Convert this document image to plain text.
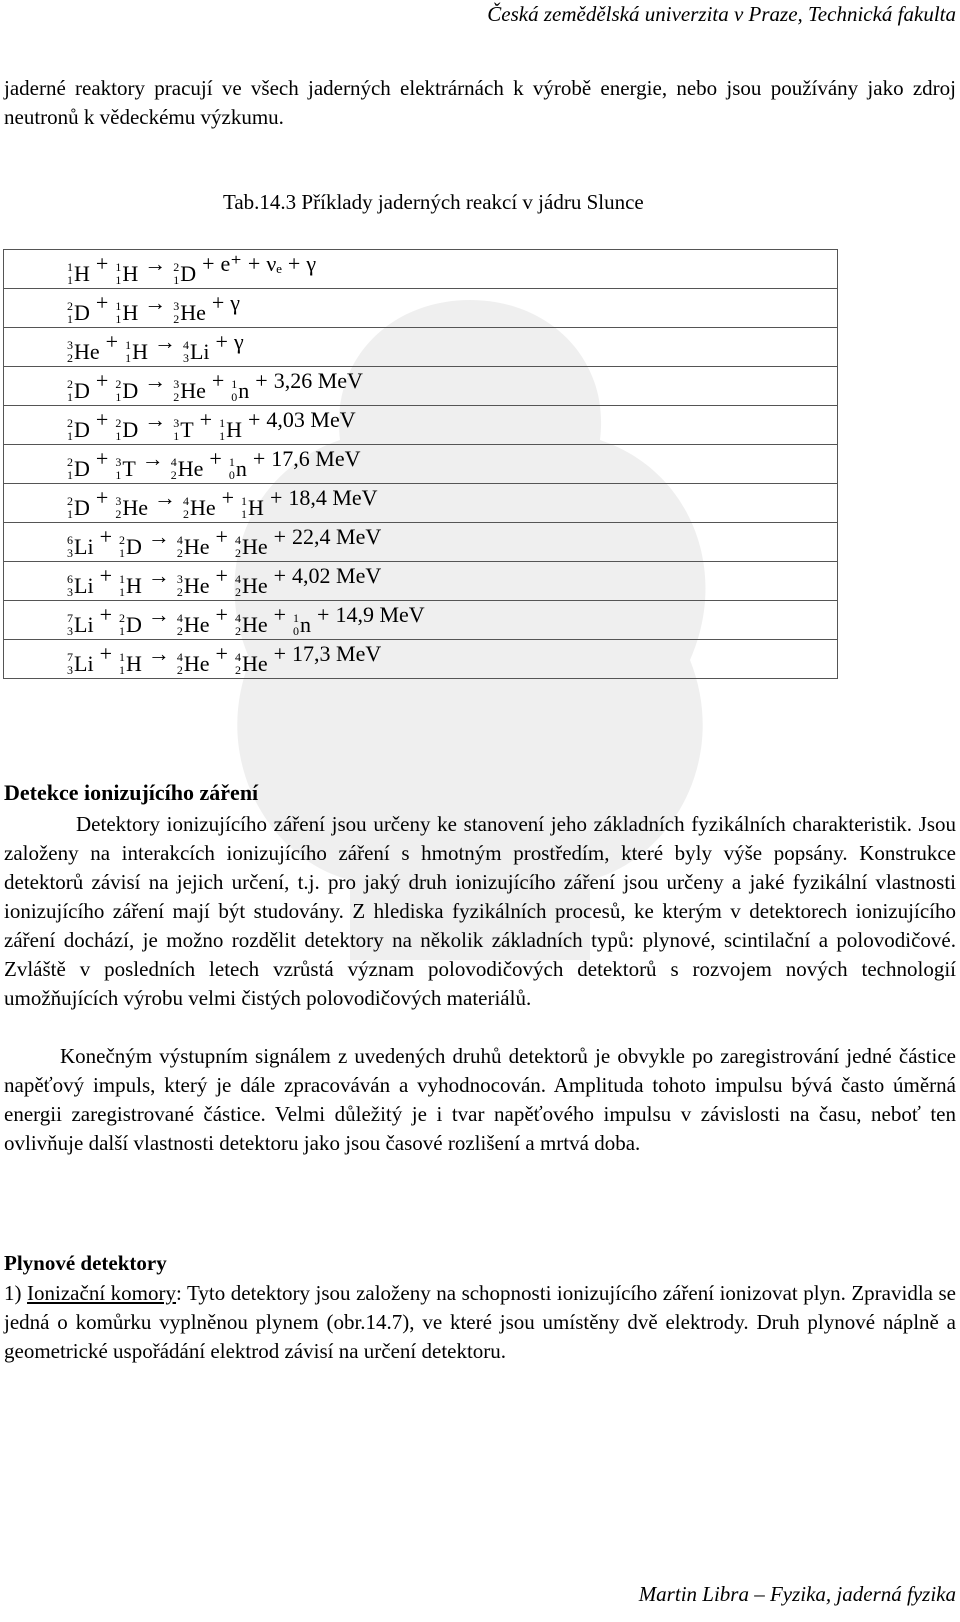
Česká zemědělská univerzita v Praze, Technická fakulta
jaderné reaktory pracují ve všech jaderných elektrárnách k výrobě energie, nebo jsou používány jako zdroj neutronů k vědeckému výzkumu.
Tab.14.3 Příklady jaderných reakcí v jádru Slunce
1
1 H + 1
1 H → 2
1 D + e⁺ + νₑ + γ

2
1 D + 1
1 H → 3
2 He + γ

3
2 He + 1
1 H → 4
3 Li + γ

2
1 D + 2
1 D → 3
2 He + 1
0 n + 3,26 MeV

2
1 D + 2
1 D → 3
1 T + 1
1 H + 4,03 MeV

2
1 D + 3
1 T → 4
2 He + 1
0 n + 17,6 MeV

2
1 D + 3
2 He → 4
2 He + 1
1 H + 18,4 MeV

6
3 Li + 2
1 D → 4
2 He + 4
2 He + 22,4 MeV

6
3 Li + 1
1 H → 3
2 He + 4
2 He + 4,02 MeV

7
3 Li + 2
1 D → 4
2 He + 4
2 He + 1
0 n + 14,9 MeV

7
3 Li + 1
1 H → 4
2 He + 4
2 He + 17,3 MeV
Detekce ionizujícího záření
Detektory ionizujícího záření jsou určeny ke stanovení jeho základních fyzikálních charakteristik. Jsou založeny na interakcích ionizujícího záření s hmotným prostředím, které byly výše popsány. Konstrukce detektorů závisí na jejich určení, t.j. pro jaký druh ionizujícího záření jsou určeny a jaké fyzikální vlastnosti ionizujícího záření mají být studovány. Z hlediska fyzikálních procesů, ke kterým v detektorech ionizujícího záření dochází, je možno rozdělit detektory na několik základních typů: plynové, scintilační a polovodičové. Zvláště v posledních letech vzrůstá význam polovodičových detektorů s rozvojem nových technologií umožňujících výrobu velmi čistých polovodičových materiálů.
Konečným výstupním signálem z uvedených druhů detektorů je obvykle po zaregistrování jedné částice napěťový impuls, který je dále zpracováván a vyhodnocován. Amplituda tohoto impulsu bývá často úměrná energii zaregistrované částice. Velmi důležitý je i tvar napěťového impulsu v závislosti na času, neboť ten ovlivňuje další vlastnosti detektoru jako jsou časové rozlišení a mrtvá doba.
Plynové detektory
1) Ionizační komory: Tyto detektory jsou založeny na schopnosti ionizujícího záření ionizovat plyn. Zpravidla se jedná o komůrku vyplněnou plynem (obr.14.7), ve které jsou umístěny dvě elektrody. Druh plynové náplně a geometrické uspořádání elektrod závisí na určení detektoru.
Martin Libra – Fyzika, jaderná fyzika
